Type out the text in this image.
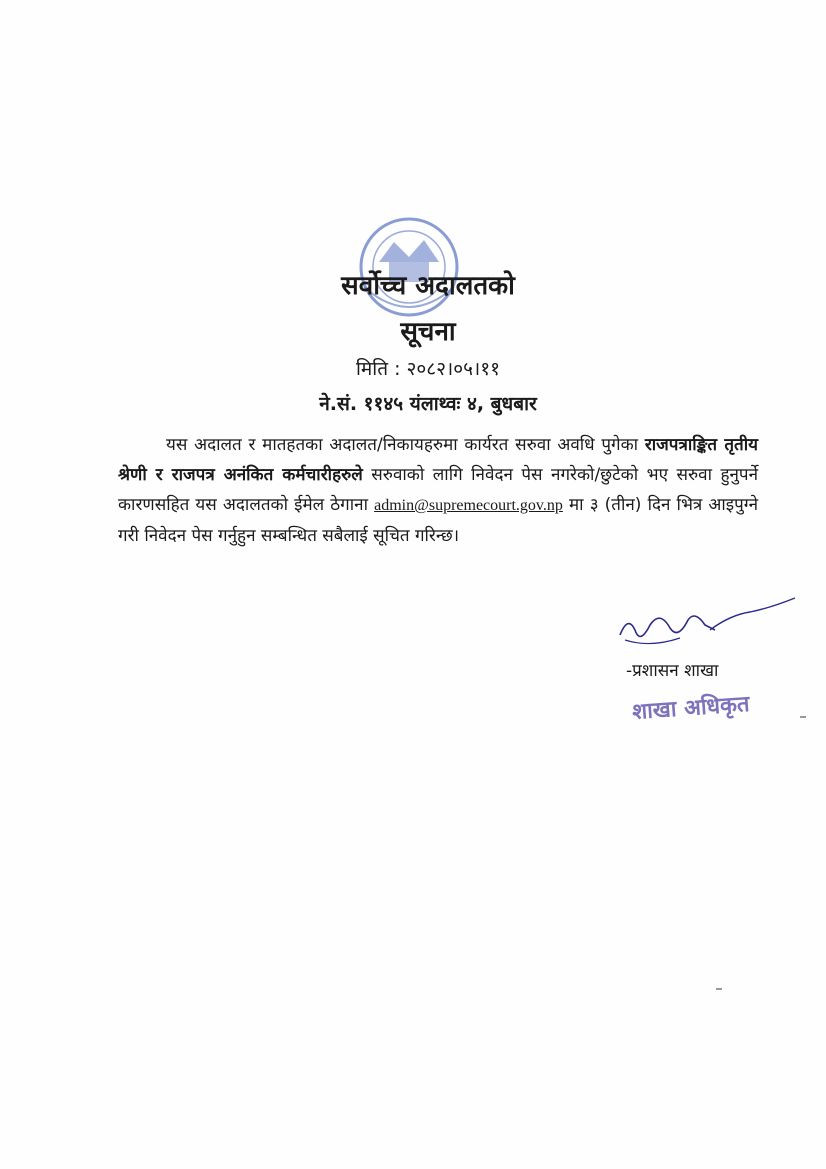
सर्वोच्च अदालतको
सूचना
मिति : २०८२।०५।११
ने.सं. ११४५ यंलाथ्वः ४, बुधबार
यस अदालत र मातहतका अदालत/निकायहरुमा कार्यरत सरुवा अवधि पुगेका राजपत्राङ्कित तृतीय श्रेणी र राजपत्र अनंकित कर्मचारीहरुले सरुवाको लागि निवेदन पेस नगरेको/छुटेको भए सरुवा हुनुपर्ने कारणसहित यस अदालतको ईमेल ठेगाना admin@supremecourt.gov.np मा ३ (तीन) दिन भित्र आइपुग्ने गरी निवेदन पेस गर्नुहुन सम्बन्धित सबैलाई सूचित गरिन्छ।
-प्रशासन शाखा
शाखा अधिकृत
